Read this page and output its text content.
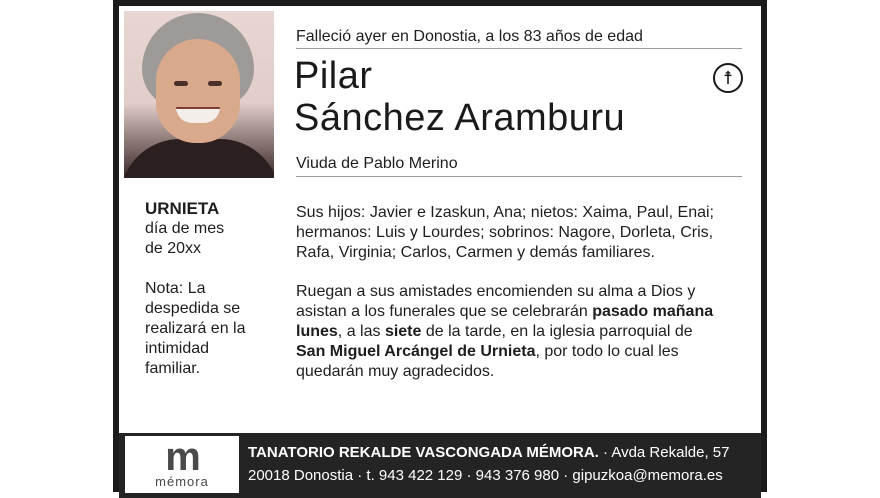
Falleció ayer en Donostia, a los 83 años de edad
Pilar
Sánchez Aramburu
☨
Viuda de Pablo Merino
URNIETA
día de mes
de 20xx
Nota: La
despedida se
realizará en la
intimidad
familiar.

Sus hijos: Javier e Izaskun, Ana; nietos: Xaima, Paul, Enai;
hermanos: Luis y Lourdes; sobrinos: Nagore, Dorleta, Cris,
Rafa, Virginia; Carlos, Carmen y demás familiares.

Ruegan a sus amistades encomienden su alma a Dios y
asistan a los funerales que se celebrarán pasado mañana
lunes, a las siete de la tarde, en la iglesia parroquial de
San Miguel Arcángel de Urnieta, por todo lo cual les
quedarán muy agradecidos.

m
mémora
TANATORIO REKALDE VASCONGADA MÉMORA. · Avda Rekalde, 57
20018 Donostia · t. 943 422 129 · 943 376 980 · gipuzkoa@memora.es
